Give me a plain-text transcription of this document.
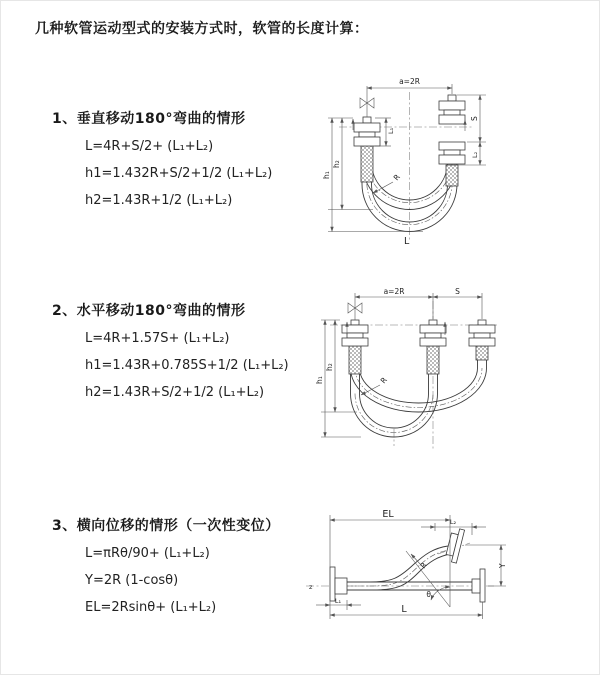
几种软管运动型式的安装方式时，软管的长度计算：
1、垂直移动180°弯曲的情形
L=4R+S/2+ (L₁+L₂)
h1=1.432R+S/2+1/2 (L₁+L₂)
h2=1.43R+1/2 (L₁+L₂)
2、水平移动180°弯曲的情形
L=4R+1.57S+ (L₁+L₂)
h1=1.43R+0.785S+1/2 (L₁+L₂)
h2=1.43R+S/2+1/2 (L₁+L₂)
3、横向位移的情形（一次性变位）
L=πRθ/90+ (L₁+L₂)
Y=2R (1-cosθ)
EL=2Rsinθ+ (L₁+L₂)
a=2R
h₂
h₁
L₁
S
L₂
R
L
a=2R	S
h₂
h₁	R
z
θ
EL
L₂
Y
L₁
L
R
